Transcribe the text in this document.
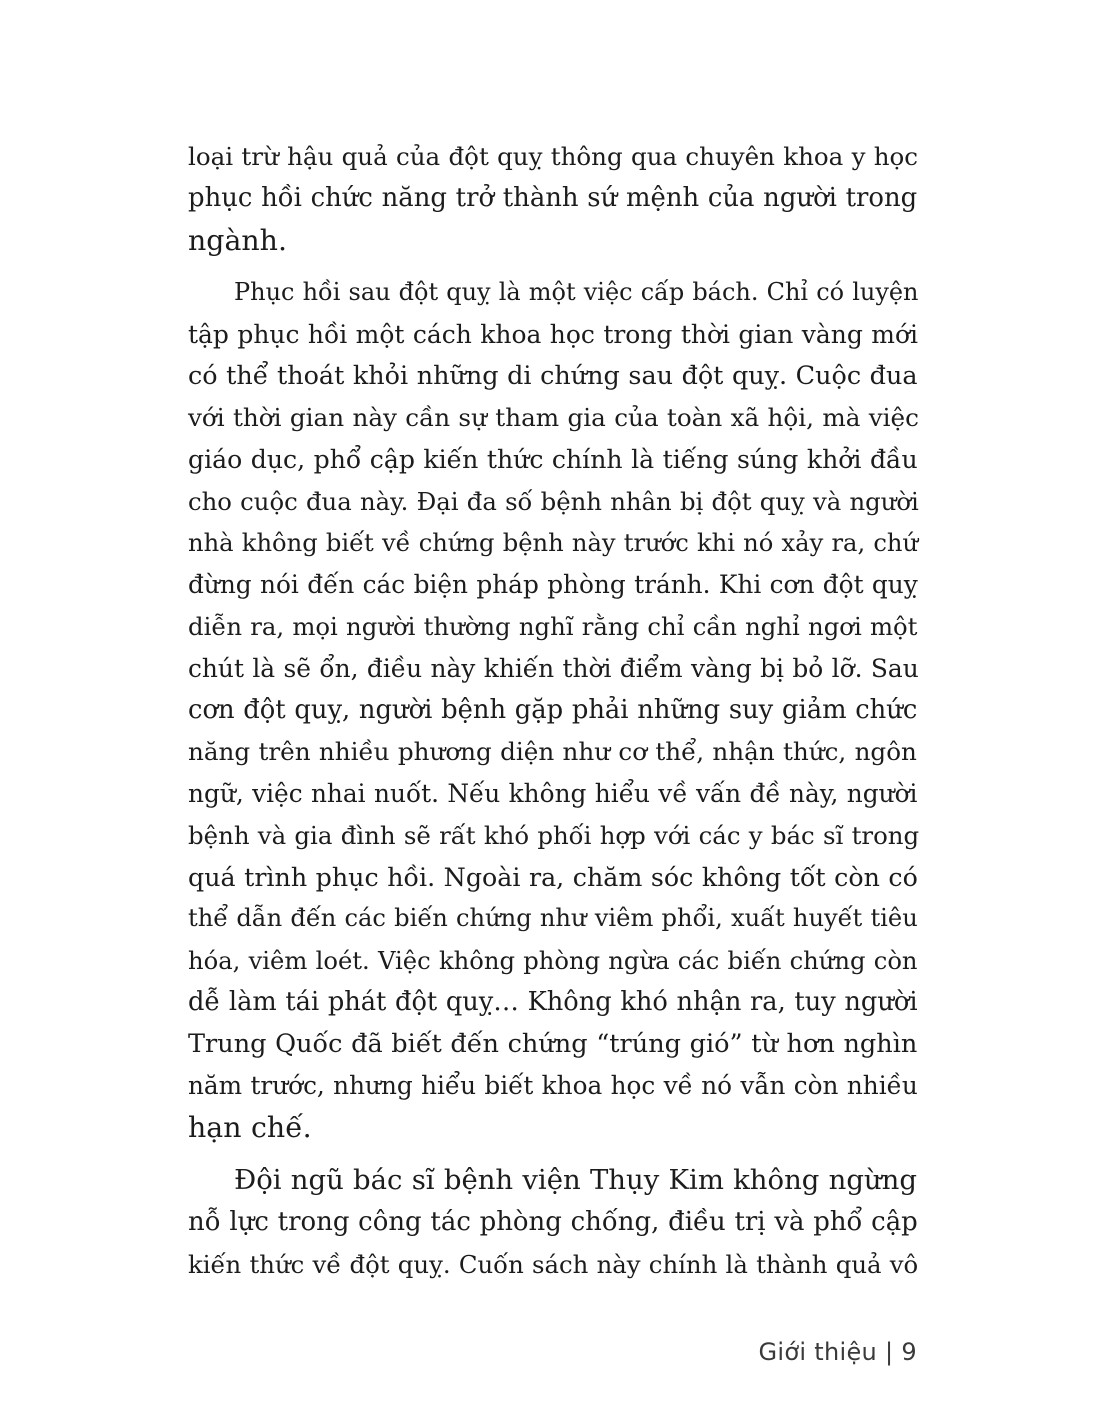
loại trừ hậu quả của đột quỵ thông qua chuyên khoa y học
phục hồi chức năng trở thành sứ mệnh của người trong
ngành.
Phục hồi sau đột quỵ là một việc cấp bách. Chỉ có luyện
tập phục hồi một cách khoa học trong thời gian vàng mới
có thể thoát khỏi những di chứng sau đột quỵ. Cuộc đua
với thời gian này cần sự tham gia của toàn xã hội, mà việc
giáo dục, phổ cập kiến thức chính là tiếng súng khởi đầu
cho cuộc đua này. Đại đa số bệnh nhân bị đột quỵ và người
nhà không biết về chứng bệnh này trước khi nó xảy ra, chứ
đừng nói đến các biện pháp phòng tránh. Khi cơn đột quỵ
diễn ra, mọi người thường nghĩ rằng chỉ cần nghỉ ngơi một
chút là sẽ ổn, điều này khiến thời điểm vàng bị bỏ lỡ. Sau
cơn đột quỵ, người bệnh gặp phải những suy giảm chức
năng trên nhiều phương diện như cơ thể, nhận thức, ngôn
ngữ, việc nhai nuốt. Nếu không hiểu về vấn đề này, người
bệnh và gia đình sẽ rất khó phối hợp với các y bác sĩ trong
quá trình phục hồi. Ngoài ra, chăm sóc không tốt còn có
thể dẫn đến các biến chứng như viêm phổi, xuất huyết tiêu
hóa, viêm loét. Việc không phòng ngừa các biến chứng còn
dễ làm tái phát đột quỵ… Không khó nhận ra, tuy người
Trung Quốc đã biết đến chứng “trúng gió” từ hơn nghìn
năm trước, nhưng hiểu biết khoa học về nó vẫn còn nhiều
hạn chế.
Đội ngũ bác sĩ bệnh viện Thụy Kim không ngừng
nỗ lực trong công tác phòng chống, điều trị và phổ cập
kiến thức về đột quỵ. Cuốn sách này chính là thành quả vô
Giới thiệu | 9
